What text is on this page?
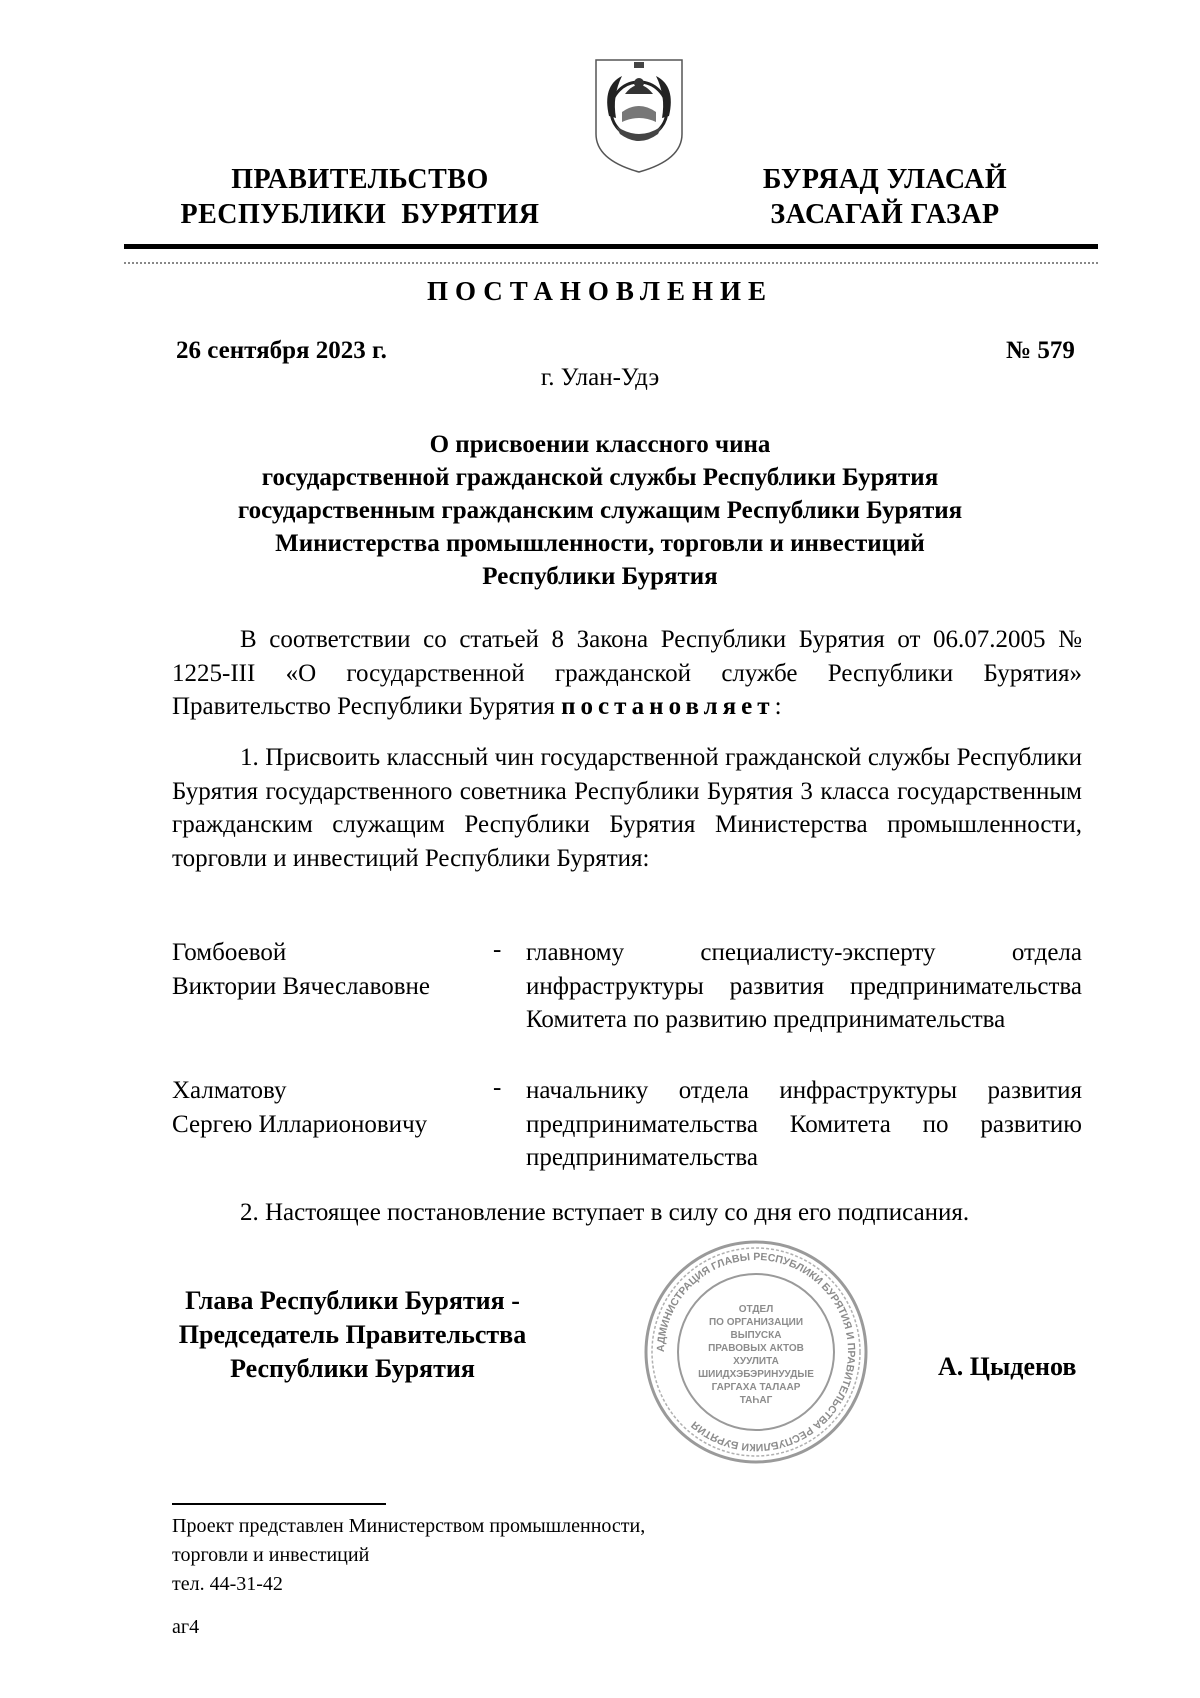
ПРАВИТЕЛЬСТВО
РЕСПУБЛИКИ  БУРЯТИЯ
БУРЯАД УЛАСАЙ
ЗАСАГАЙ ГАЗАР
ПОСТАНОВЛЕНИЕ
26 сентября 2023 г.	№ 579
г. Улан-Удэ
О присвоении классного чина
государственной гражданской службы Республики Бурятия
государственным гражданским служащим Республики Бурятия
Министерства промышленности, торговли и инвестиций
Республики Бурятия

В соответствии со статьей 8 Закона Республики Бурятия от 06.07.2005 № 1225-III «О государственной гражданской службе Республики Бурятия» Правительство Республики Бурятия постановляет:

1. Присвоить классный чин государственной гражданской службы Республики Бурятия государственного советника Республики Бурятия 3 класса государственным гражданским служащим Республики Бурятия Министерства промышленности, торговли и инвестиций Республики Бурятия:

Гомбоевой
Виктории Вячеславовне
- главному специалисту-эксперту отдела инфраструктуры развития предпринимательства Комитета по развитию предпринимательства
Халматову
Сергею Илларионовичу
- начальнику отдела инфраструктуры развития предпринимательства Комитета по развитию предпринимательства
2. Настоящее постановление вступает в силу со дня его подписания.
Глава Республики Бурятия -
Председатель Правительства
Республики Бурятия	А. Цыденов
АДМИНИСТРАЦИЯ ГЛАВЫ РЕСПУБЛИКИ БУРЯТИЯ И ПРАВИТЕЛЬСТВА РЕСПУБЛИКИ БУРЯТИЯ
ОТДЕЛ
ПО ОРГАНИЗАЦИИ
ВЫПУСКА
ПРАВОВЫХ АКТОВ
ХУУЛИТА
ШИИДХЭБЭРИНУУДЫЕ
ГАРГАХА ТАЛААР
ТАҺАГ
Проект представлен Министерством промышленности,
торговли и инвестиций
тел. 44-31-42
аг4
